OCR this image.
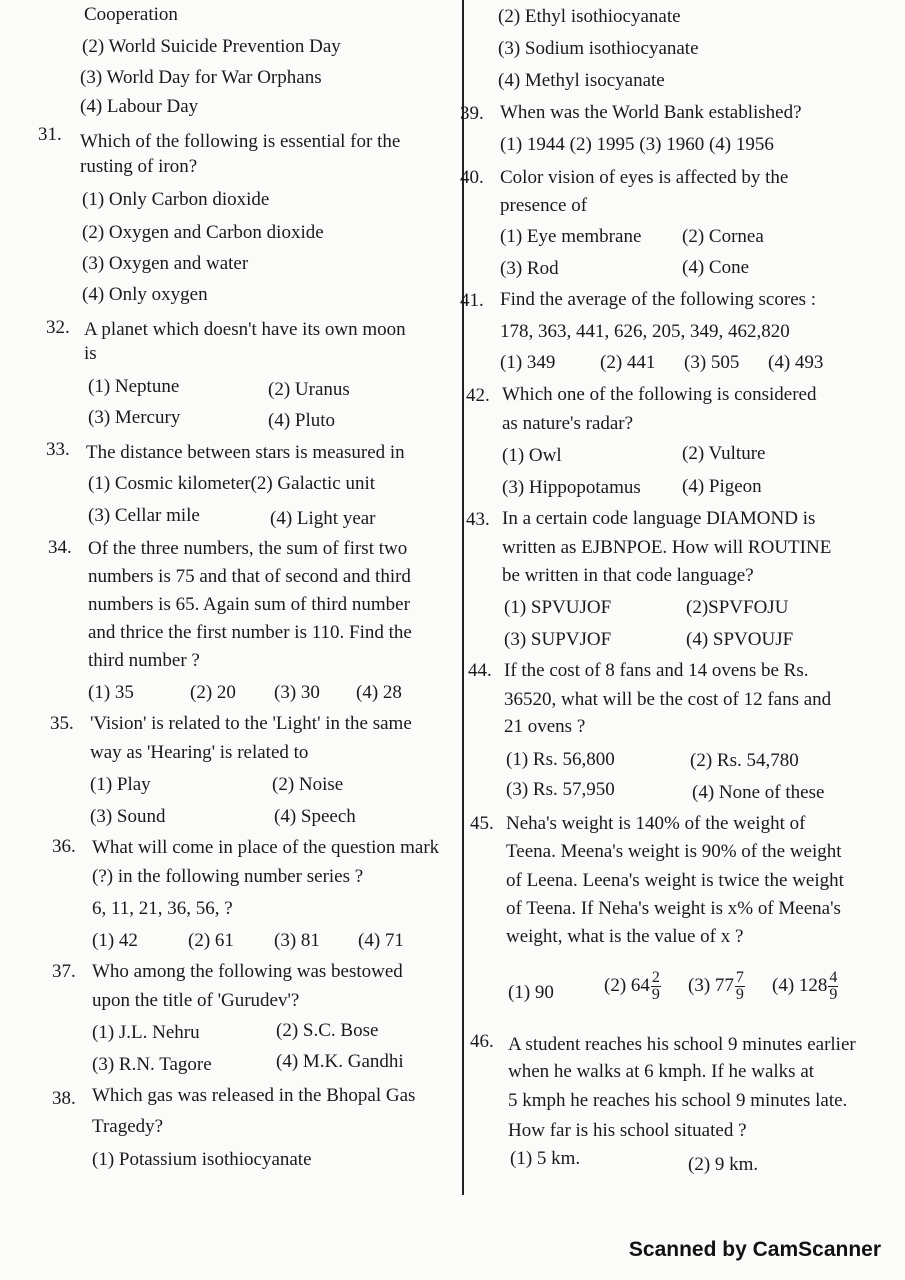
Cooperation
(2) World Suicide Prevention Day
(3) World Day for War Orphans
(4) Labour Day
31. Which of the following is essential for the
rusting of iron?
(1) Only Carbon dioxide
(2) Oxygen and Carbon dioxide
(3) Oxygen and water
(4) Only oxygen
32. A planet which doesn't have its own moon
is
(1) Neptune	(2) Uranus
(3) Mercury	(4) Pluto
33. The distance between stars is measured in
(1) Cosmic kilometer(2) Galactic unit
(3) Cellar mile	(4) Light year
34. Of the three numbers, the sum of first two
numbers is 75 and that of second and third
numbers is 65. Again sum of third number
and thrice the first number is 110. Find the
third number ?
(1) 35	(2) 20 (3) 30 (4) 28
35. 'Vision' is related to the 'Light' in the same
way as 'Hearing' is related to
(1) Play	(2) Noise
(3) Sound	(4) Speech
36. What will come in place of the question mark
(?) in the following number series ?
6, 11, 21, 36, 56, ?
(1) 42	(2) 61 (3) 81 (4) 71
37. Who among the following was bestowed
upon the title of 'Gurudev'?
(1) J.L. Nehru	(2) S.C. Bose
(3) R.N. Tagore	(4) M.K. Gandhi
38. Which gas was released in the Bhopal Gas
Tragedy?
(1) Potassium isothiocyanate
(2) Ethyl isothiocyanate
(3) Sodium isothiocyanate
(4) Methyl isocyanate
39. When was the World Bank established?
(1) 1944 (2) 1995 (3) 1960 (4) 1956
40. Color vision of eyes is affected by the
presence of
(1) Eye membrane (2) Cornea
(3) Rod	(4) Cone
41. Find the average of the following scores :
178, 363, 441, 626, 205, 349, 462,820
(1) 349 (2) 441 (3) 505 (4) 493
42. Which one of the following is considered
as nature's radar?
(1) Owl	(2) Vulture
(3) Hippopotamus (4) Pigeon
43. In a certain code language DIAMOND is
written as EJBNPOE. How will ROUTINE
be written in that code language?
(1) SPVUJOF	(2)SPVFOJU
(3) SUPVJOF	(4) SPVOUJF
44. If the cost of 8 fans and 14 ovens be Rs.
36520, what will be the cost of 12 fans and
21 ovens ?
(1) Rs. 56,800	(2) Rs. 54,780
(3) Rs. 57,950	(4) None of these
45. Neha's weight is 140% of the weight of
Teena. Meena's weight is 90% of the weight
of Leena. Leena's weight is twice the weight
of Teena. If Neha's weight is x% of Meena's
weight, what is the value of x ?
(1) 90	(2) $64 \frac{2}{9} (3)$ $77 \frac{7}{9} (4)$ $128 \frac{4}{9}$
46. A student reaches his school 9 minutes earlier
when he walks at 6 kmph. If he walks at
5 kmph he reaches his school 9 minutes late.
How far is his school situated ?
(1) 5 km.	(2) 9 km.
Scanned by CamScanner
